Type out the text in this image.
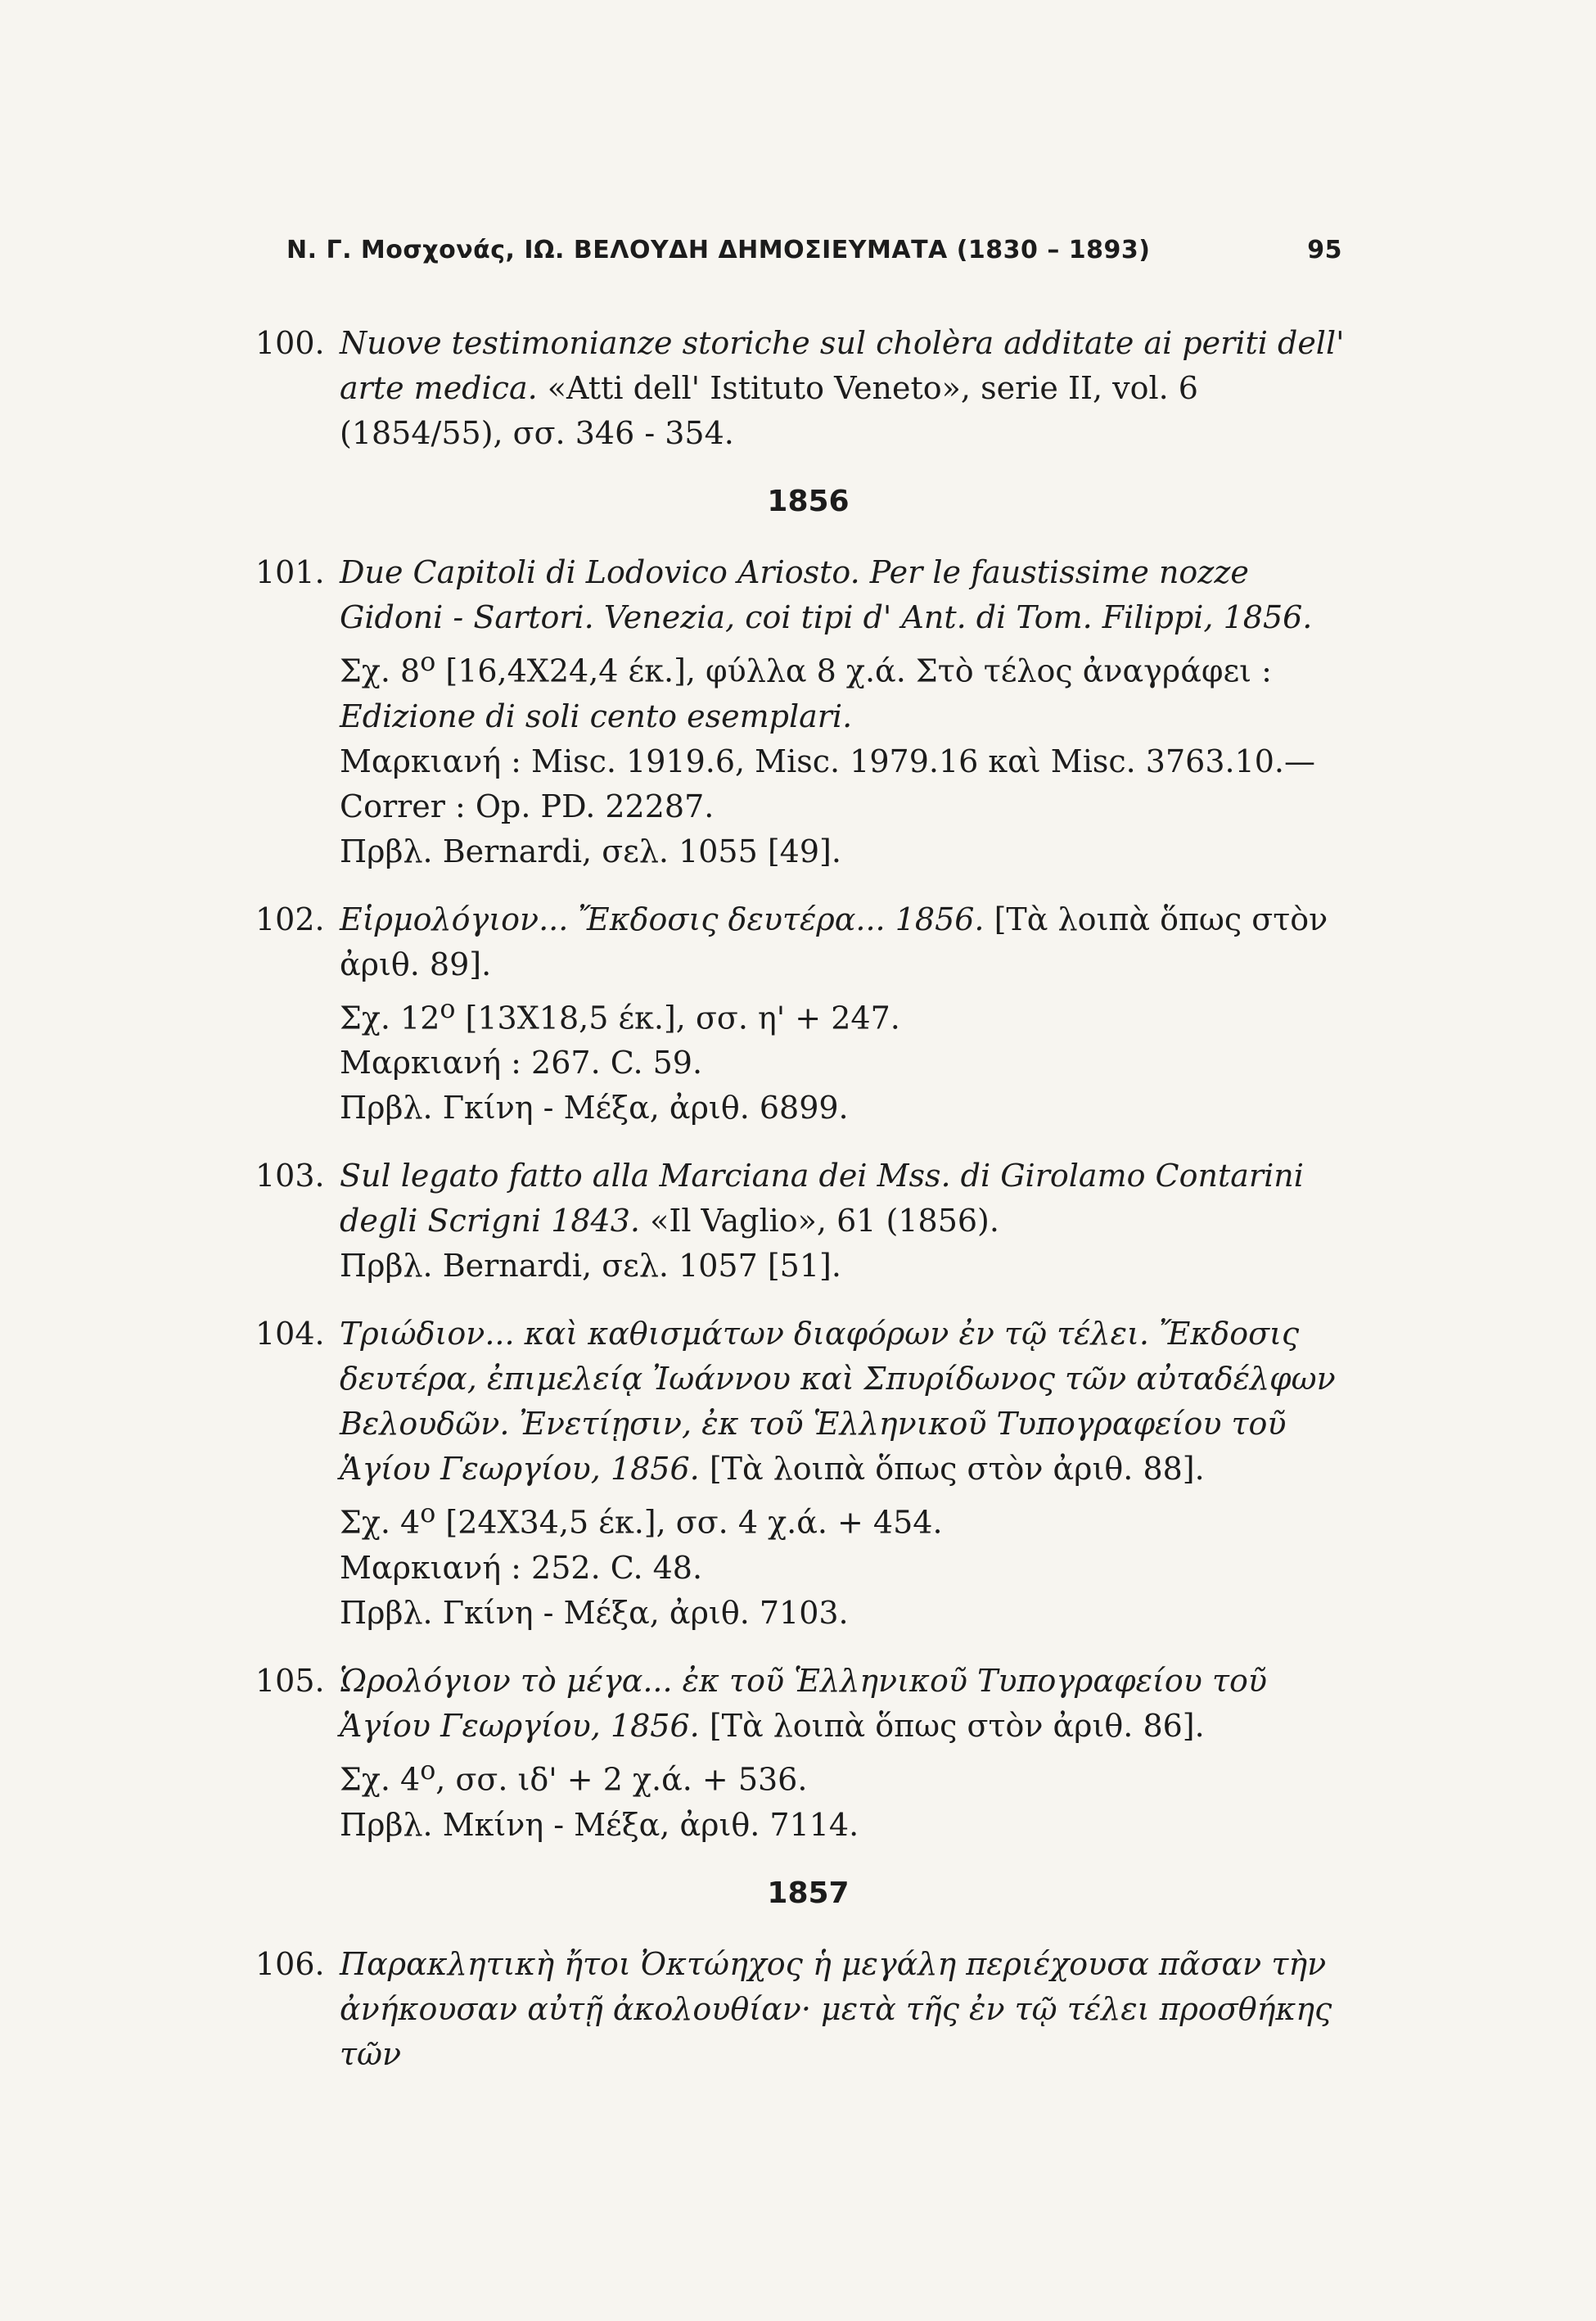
Ν. Γ. Μοσχονάς, ΙΩ. ΒΕΛΟΥΔΗ ΔΗΜΟΣΙΕΥΜΑΤΑ (1830 – 1893)	95
100. Nuove testimonianze storiche sul cholèra additate ai periti dell' arte medica. «Atti dell' Istituto Veneto», serie II, vol. 6 (1854/55), σσ. 346 - 354.

1856
101. Due Capitoli di Lodovico Ariosto. Per le faustissime nozze Gidoni - Sartori. Venezia, coi tipi d' Ant. di Tom. Filippi, 1856.

Σχ. $8^o$ [16,4Χ24,4 έκ.], φύλλα 8 χ.ά. Στὸ τέλος ἀναγράφει : Edizione di soli cento esemplari.

Μαρκιανή : Misc. 1919.6, Misc. 1979.16 καὶ Misc. 3763.10.— Correr : Op. PD. 22287.

Πρβλ. Bernardi, σελ. 1055 [49].

102. Εἱρμολόγιον... Ἔκδοσις δευτέρα... 1856. [Τὰ λοιπὰ ὅπως στὸν ἀριθ. 89].

Σχ. $12^o$ [13Χ18,5 έκ.], σσ. η' + 247.

Μαρκιανή : 267. C. 59.

Πρβλ. Γκίνη - Μέξα, ἀριθ. 6899.

103. Sul legato fatto alla Marciana dei Mss. di Girolamo Contarini degli Scrigni 1843. «Il Vaglio», 61 (1856).

Πρβλ. Bernardi, σελ. 1057 [51].

104. Τριώδιον... καὶ καθισμάτων διαφόρων ἐν τῷ τέλει. Ἔκδοσις δευτέρα, ἐπιμελείᾳ Ἰωάννου καὶ Σπυρίδωνος τῶν αὐταδέλφων Βελουδῶν. Ἐνετίῃσιν, ἐκ τοῦ Ἑλληνικοῦ Τυπογραφείου τοῦ Ἁγίου Γεωργίου, 1856. [Τὰ λοιπὰ ὅπως στὸν ἀριθ. 88].

Σχ. $4^o$ [24Χ34,5 έκ.], σσ. 4 χ.ά. + 454.

Μαρκιανή : 252. C. 48.

Πρβλ. Γκίνη - Μέξα, ἀριθ. 7103.

105. Ὡρολόγιον τὸ μέγα... ἐκ τοῦ Ἑλληνικοῦ Τυπογραφείου τοῦ Ἁγίου Γεωργίου, 1856. [Τὰ λοιπὰ ὅπως στὸν ἀριθ. 86].

Σχ. $4^o$, σσ. ιδ' + 2 χ.ά. + 536.

Πρβλ. Μκίνη - Μέξα, ἀριθ. 7114.

1857
106. Παρακλητικὴ ἤτοι Ὀκτώηχος ἡ μεγάλη περιέχουσα πᾶσαν τὴν ἀνήκουσαν αὐτῇ ἀκολουθίαν· μετὰ τῆς ἐν τῷ τέλει προσθήκης τῶν
